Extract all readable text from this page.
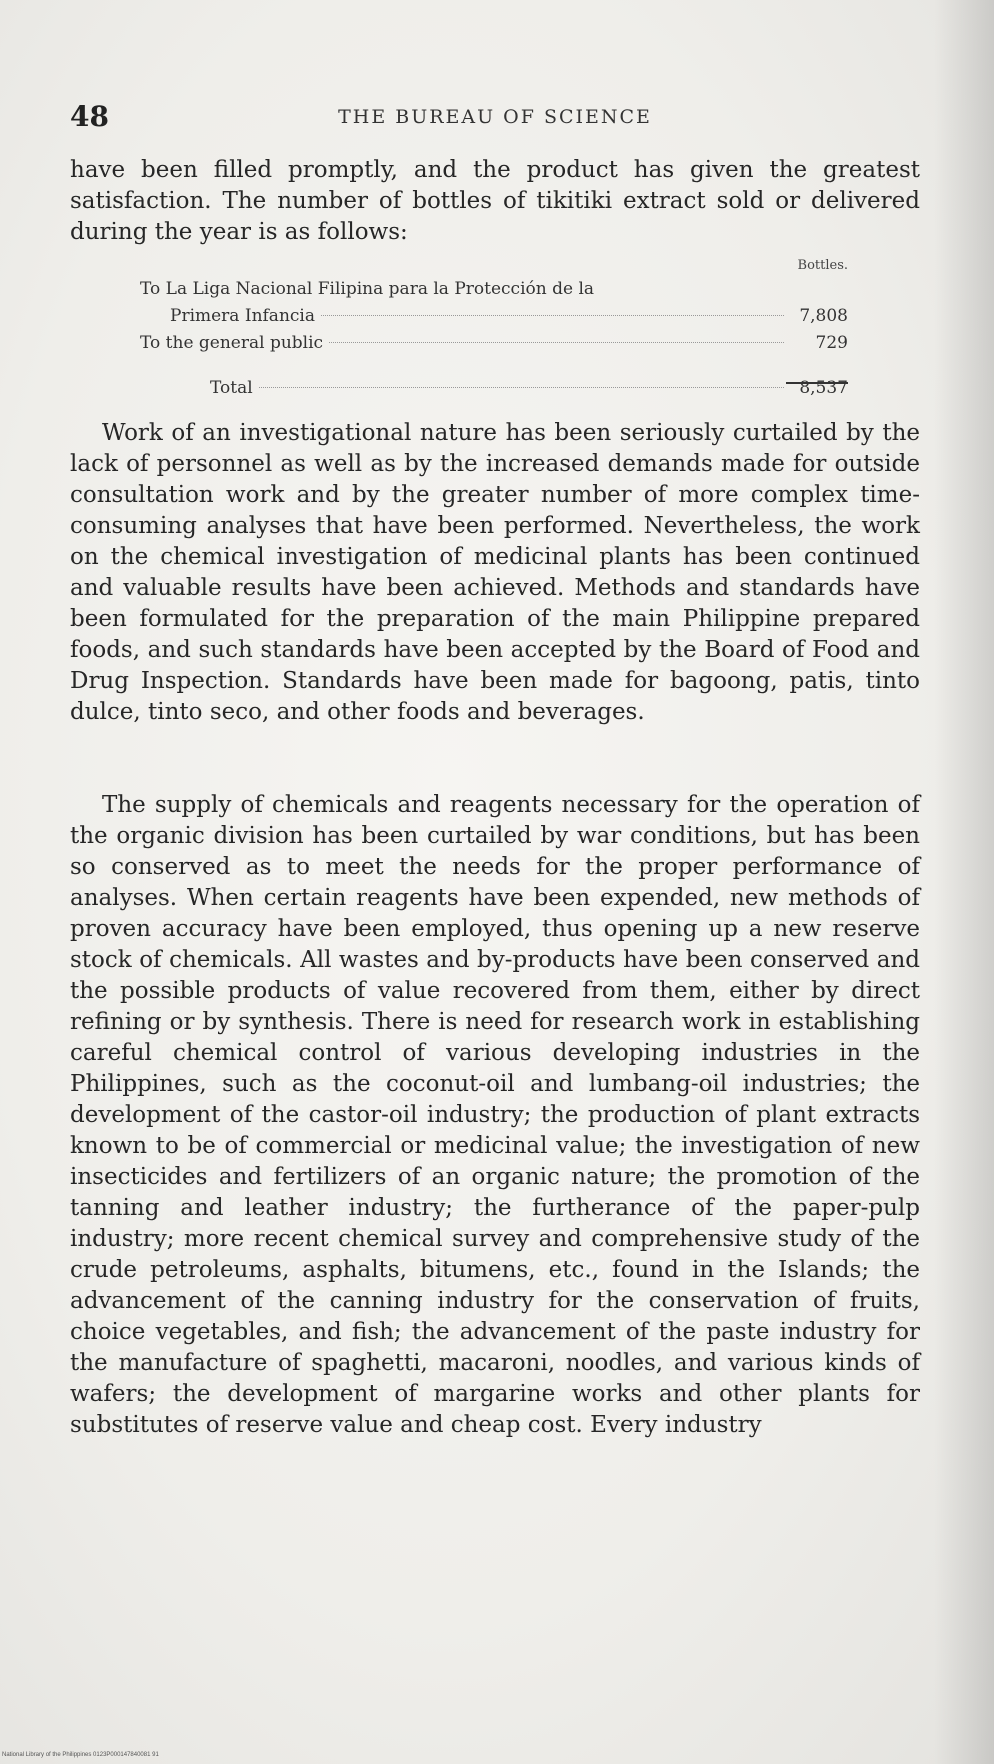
48	THE BUREAU OF SCIENCE

have been filled promptly, and the product has given the greatest satisfaction. The number of bottles of tikitiki extract sold or delivered during the year is as follows:

Bottles.
To La Liga Nacional Filipina para la Protección de la
Primera Infancia	7,808
To the general public	729
Total	8,537

Work of an investigational nature has been seriously curtailed by the lack of personnel as well as by the increased demands made for outside consultation work and by the greater number of more complex time-consuming analyses that have been performed. Nevertheless, the work on the chemical investigation of medicinal plants has been continued and valuable results have been achieved. Methods and standards have been formulated for the preparation of the main Philippine prepared foods, and such standards have been accepted by the Board of Food and Drug Inspection. Standards have been made for bagoong, patis, tinto dulce, tinto seco, and other foods and beverages.

The supply of chemicals and reagents necessary for the operation of the organic division has been curtailed by war conditions, but has been so conserved as to meet the needs for the proper performance of analyses. When certain reagents have been expended, new methods of proven accuracy have been employed, thus opening up a new reserve stock of chemicals. All wastes and by-products have been conserved and the possible products of value recovered from them, either by direct refining or by synthesis. There is need for research work in establishing careful chemical control of various developing industries in the Philippines, such as the coconut-oil and lumbang-oil industries; the development of the castor-oil industry; the production of plant extracts known to be of commercial or medicinal value; the investigation of new insecticides and fertilizers of an organic nature; the promotion of the tanning and leather industry; the furtherance of the paper-pulp industry; more recent chemical survey and comprehensive study of the crude petroleums, asphalts, bitumens, etc., found in the Islands; the advancement of the canning industry for the conservation of fruits, choice vegetables, and fish; the advancement of the paste industry for the manufacture of spaghetti, macaroni, noodles, and various kinds of wafers; the development of margarine works and other plants for substitutes of reserve value and cheap cost. Every industry

National Library of the Philippines 0123P000147840081 91
